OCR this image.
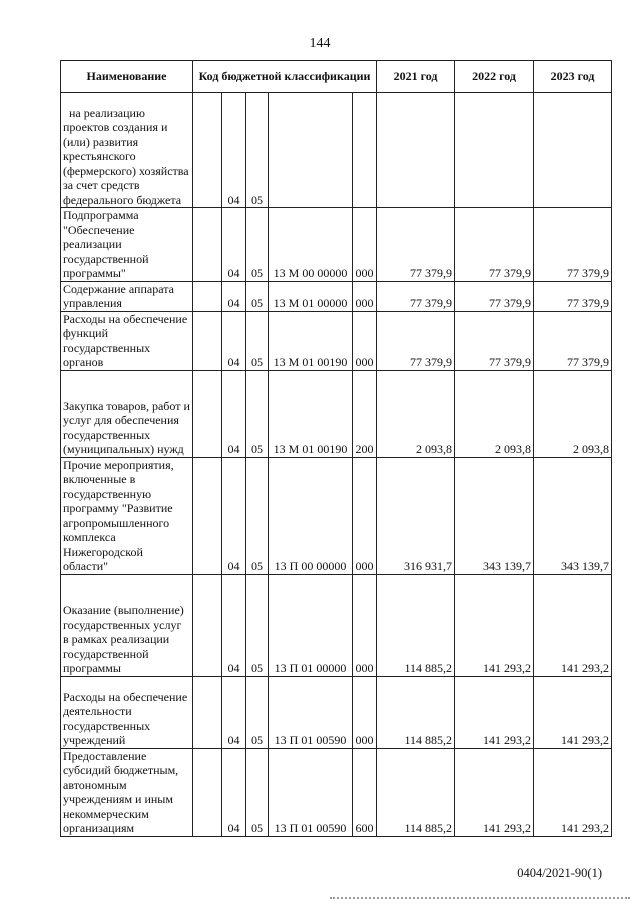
144
Наименование	Код бюджетной классификации					2021 год	2022 год	2023 год

на реализацию проектов создания и (или) развития крестьянского (фермерского) хозяйства за счет средств федерального бюджета		04	05					

Подпрограмма "Обеспечение реализации государственной программы"		04	05	13 М 00 00000	000	77 379,9	77 379,9	77 379,9

Содержание аппарата управления		04	05	13 М 01 00000	000	77 379,9	77 379,9	77 379,9

Расходы на обеспечение функций государственных органов		04	05	13 М 01 00190	000	77 379,9	77 379,9	77 379,9

Закупка товаров, работ и услуг для обеспечения государственных (муниципальных) нужд		04	05	13 М 01 00190	200	2 093,8	2 093,8	2 093,8

Прочие мероприятия, включенные в государственную программу "Развитие агропромышленного комплекса Нижегородской области"		04	05	13 П 00 00000	000	316 931,7	343 139,7	343 139,7

Оказание (выполнение) государственных услуг в рамках реализации государственной программы		04	05	13 П 01 00000	000	114 885,2	141 293,2	141 293,2

Расходы на обеспечение деятельности государственных учреждений		04	05	13 П 01 00590	000	114 885,2	141 293,2	141 293,2

Предоставление субсидий бюджетным, автономным учреждениям и иным некоммерческим организациям		04	05	13 П 01 00590	600	114 885,2	141 293,2	141 293,2
0404/2021-90(1)
